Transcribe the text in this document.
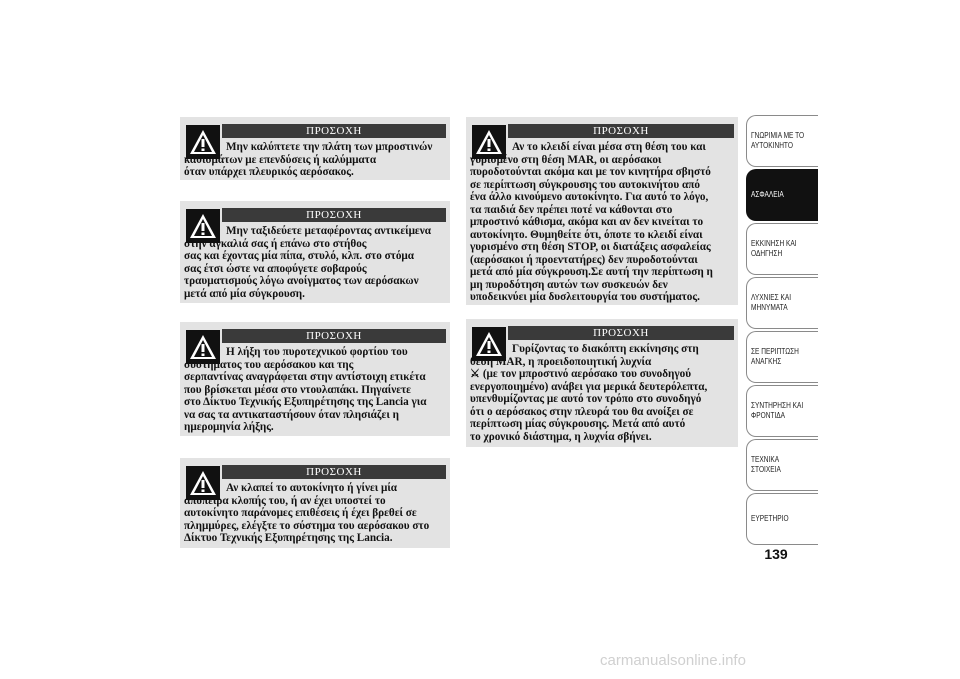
ΠΡΟΣΟΧΗ

Μην καλύπτετε την πλάτη των μπροστινών
καθισμάτων με επενδύσεις ή καλύμματα
όταν υπάρχει πλευρικός αερόσακος.

ΠΡΟΣΟΧΗ

Μην ταξιδεύετε μεταφέροντας αντικείμενα
στην αγκαλιά σας ή επάνω στο στήθος
σας και έχοντας μία πίπα, στυλό, κλπ. στο στόμα
σας έτσι ώστε να αποφύγετε σοβαρούς
τραυματισμούς λόγω ανοίγματος των αερόσακων
μετά από μία σύγκρουση.

ΠΡΟΣΟΧΗ

Η λήξη του πυροτεχνικού φορτίου του
συστήματος του αερόσακου και της
σερπαντίνας αναγράφεται στην αντίστοιχη ετικέτα
που βρίσκεται μέσα στο ντουλαπάκι. Πηγαίνετε
στο Δίκτυο Τεχνικής Εξυπηρέτησης της Lancia για
να σας τα αντικαταστήσουν όταν πλησιάζει η
ημερομηνία λήξης.

ΠΡΟΣΟΧΗ

Αν κλαπεί το αυτοκίνητο ή γίνει μία
απόπειρα κλοπής του, ή αν έχει υποστεί το
αυτοκίνητο παράνομες επιθέσεις ή έχει βρεθεί σε
πλημμύρες, ελέγξτε το σύστημα του αερόσακου στο
Δίκτυο Τεχνικής Εξυπηρέτησης της Lancia.

ΠΡΟΣΟΧΗ

Αν το κλειδί είναι μέσα στη θέση του και
γυρισμένο στη θέση MAR, οι αερόσακοι
πυροδοτούνται ακόμα και με τον κινητήρα σβηστό
σε περίπτωση σύγκρουσης του αυτοκινήτου από
ένα άλλο κινούμενο αυτοκίνητο. Για αυτό το λόγο,
τα παιδιά δεν πρέπει ποτέ να κάθονται στο
μπροστινό κάθισμα, ακόμα και αν δεν κινείται το
αυτοκίνητο. Θυμηθείτε ότι, όποτε το κλειδί είναι
γυρισμένο στη θέση STOP, οι διατάξεις ασφαλείας
(αερόσακοι ή προεντατήρες) δεν πυροδοτούνται
μετά από μία σύγκρουση.Σε αυτή την περίπτωση η
μη πυροδότηση αυτών των συσκευών δεν
υποδεικνύει μία δυσλειτουργία του συστήματος.

ΠΡΟΣΟΧΗ

Γυρίζοντας το διακόπτη εκκίνησης στη
θέση MAR, η προειδοποιητική λυχνία
⚔ (με τον μπροστινό αερόσακο του συνοδηγού
ενεργοποιημένο) ανάβει για μερικά δευτερόλεπτα,
υπενθυμίζοντας με αυτό τον τρόπο στο συνοδηγό
ότι ο αερόσακος στην πλευρά του θα ανοίξει σε
περίπτωση μίας σύγκρουσης. Μετά από αυτό
το χρονικό διάστημα, η λυχνία σβήνει.

ΓΝΩΡΙΜΙΑ ΜΕ ΤΟ ΑΥΤΟΚΙΝΗΤΟ
ΑΣΦΑΛΕΙΑ
ΕΚΚΙΝΗΣΗ ΚΑΙ ΟΔΗΓΗΣΗ
ΛΥΧΝΙΕΣ ΚΑΙ ΜΗΝΥΜΑΤΑ
ΣΕ ΠΕΡΙΠΤΩΣΗ ΑΝΑΓΚΗΣ
ΣΥΝΤΗΡΗΣΗ ΚΑΙ ΦΡΟΝΤΙΔΑ
ΤΕΧΝΙΚΑ ΣΤΟΙΧΕΙΑ
ΕΥΡΕΤΗΡΙΟ
139
carmanualsonline.info
